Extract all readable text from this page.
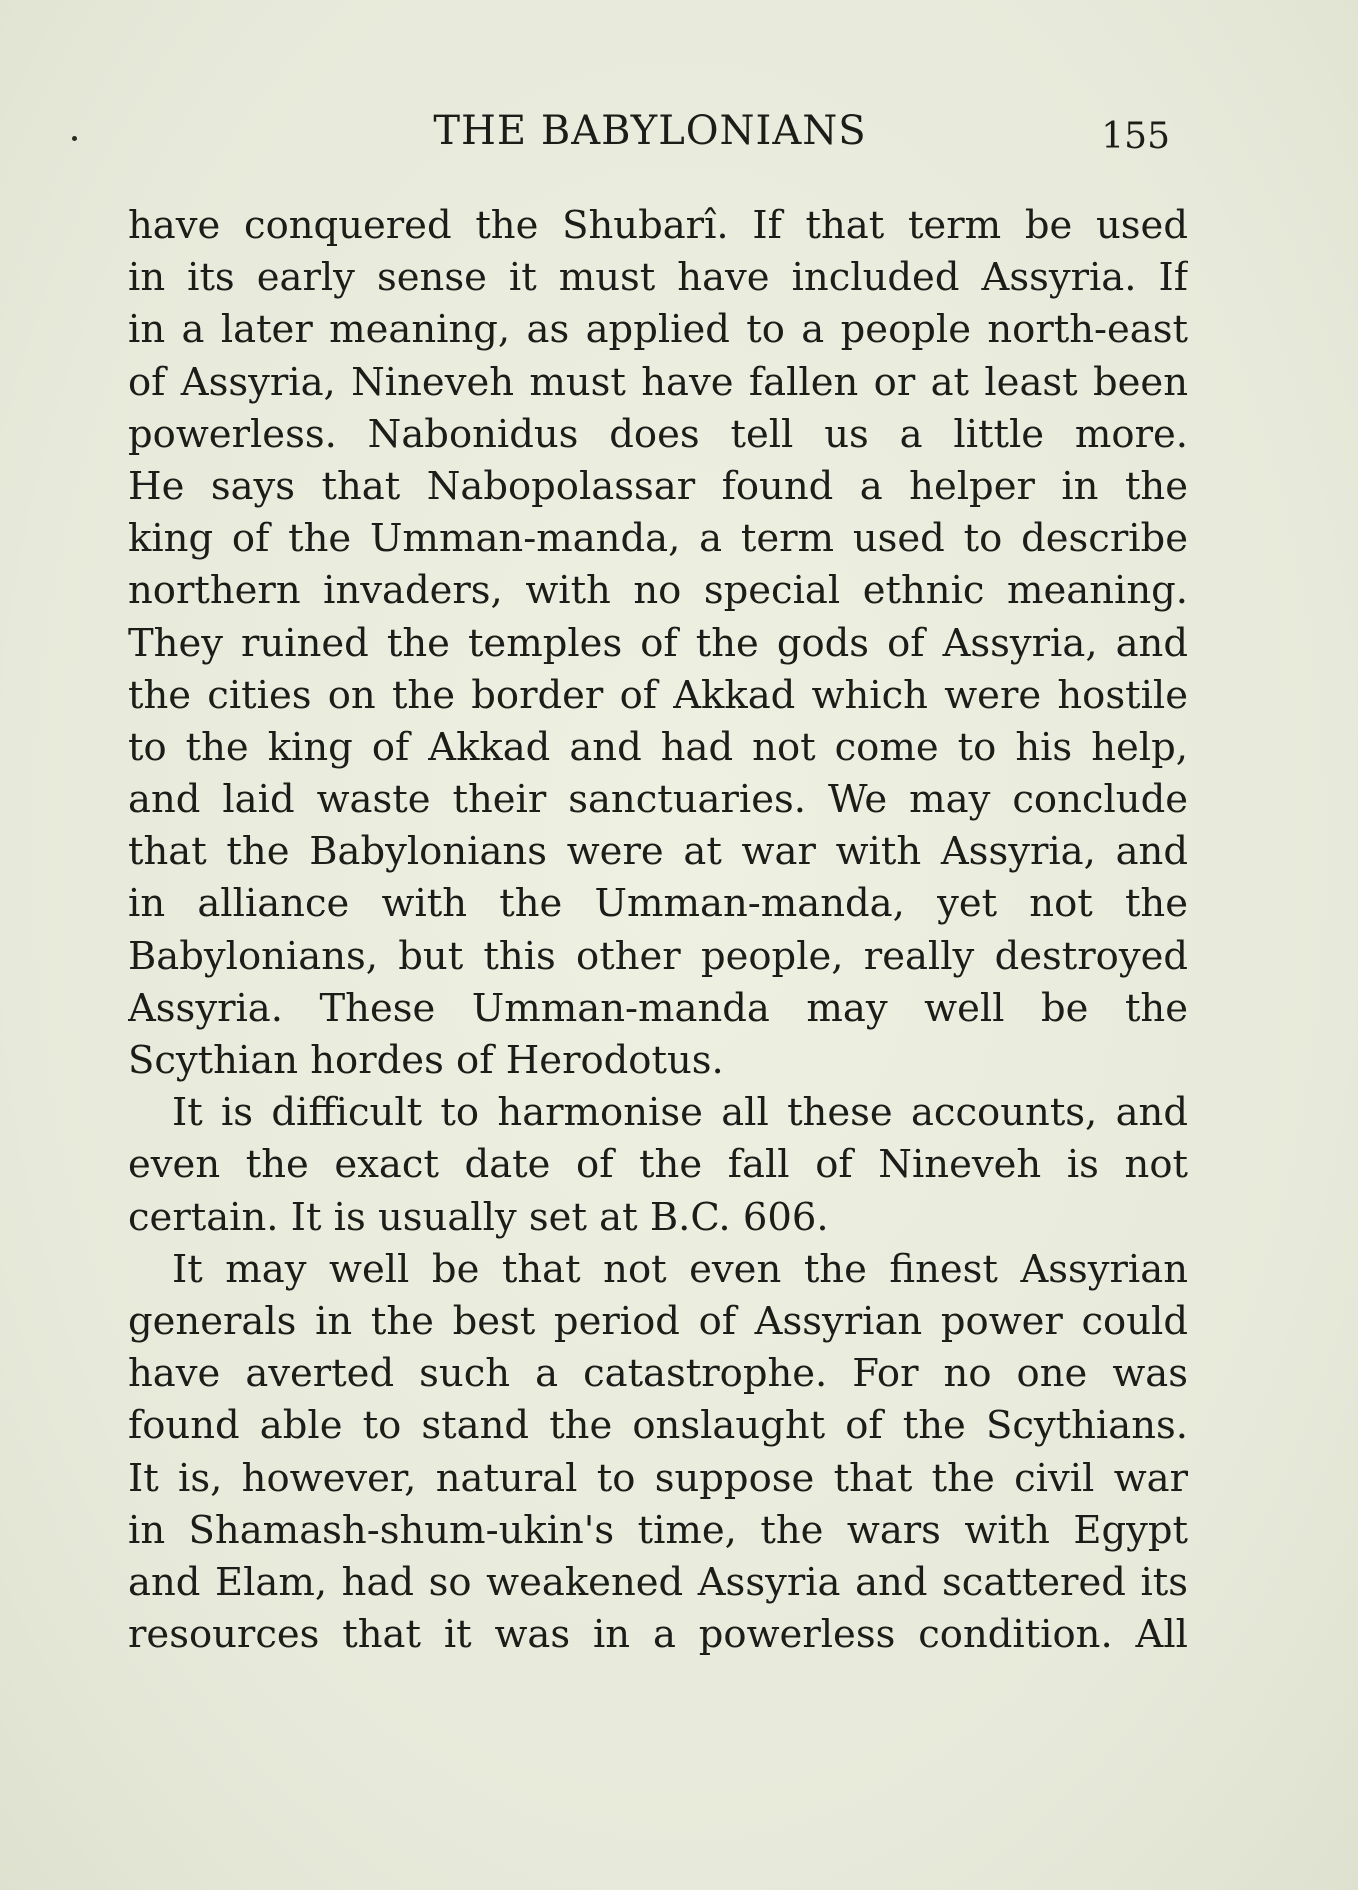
THE BABYLONIANS	155
have conquered the Shubarî. If that term be used
in its early sense it must have included Assyria. If
in a later meaning, as applied to a people north-east
of Assyria, Nineveh must have fallen or at least been
powerless. Nabonidus does tell us a little more.
He says that Nabopolassar found a helper in the
king of the Umman-manda, a term used to describe
northern invaders, with no special ethnic meaning.
They ruined the temples of the gods of Assyria, and
the cities on the border of Akkad which were hostile
to the king of Akkad and had not come to his help,
and laid waste their sanctuaries. We may conclude
that the Babylonians were at war with Assyria, and
in alliance with the Umman-manda, yet not the
Babylonians, but this other people, really destroyed
Assyria. These Umman-manda may well be the
Scythian hordes of Herodotus.
It is difficult to harmonise all these accounts, and
even the exact date of the fall of Nineveh is not
certain. It is usually set at B.C. 606.
It may well be that not even the finest Assyrian
generals in the best period of Assyrian power could
have averted such a catastrophe. For no one was
found able to stand the onslaught of the Scythians.
It is, however, natural to suppose that the civil war
in Shamash-shum-ukin's time, the wars with Egypt
and Elam, had so weakened Assyria and scattered its
resources that it was in a powerless condition. All
